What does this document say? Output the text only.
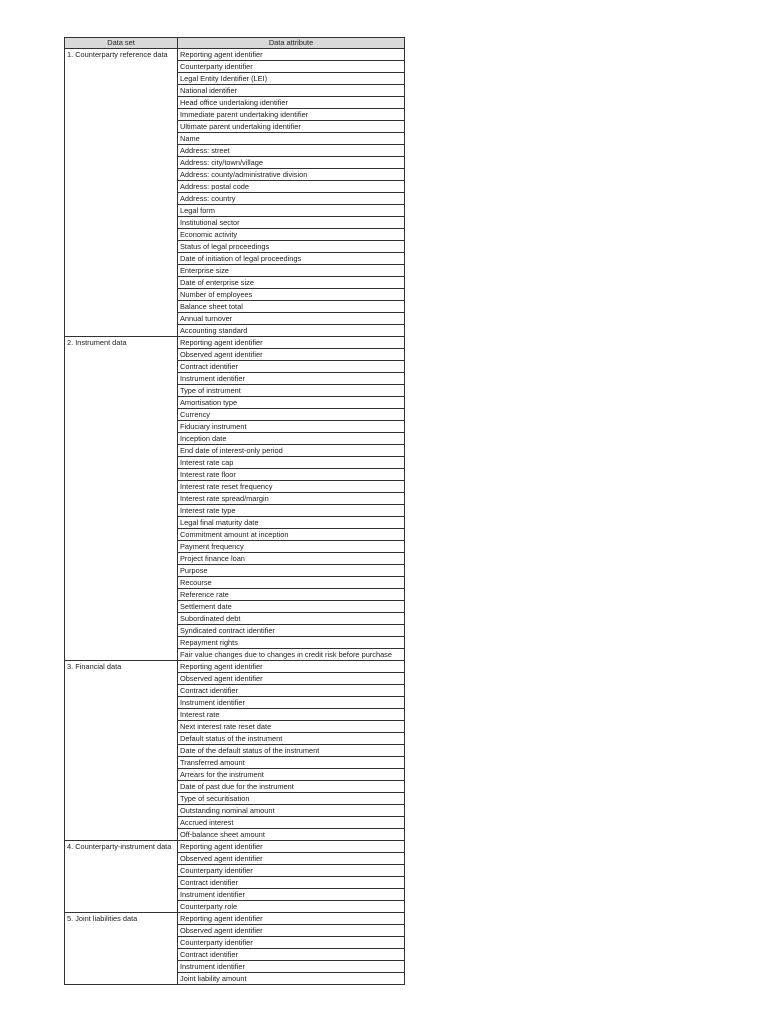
Data set	Data attribute
1. Counterparty reference data	Reporting agent identifier
	Counterparty identifier
	Legal Entity Identifier (LEI)
	National identifier
	Head office undertaking identifier
	Immediate parent undertaking identifier
	Ultimate parent undertaking identifier
	Name
	Address: street
	Address: city/town/village
	Address: county/administrative division
	Address: postal code
	Address: country
	Legal form
	Institutional sector
	Economic activity
	Status of legal proceedings
	Date of initiation of legal proceedings
	Enterprise size
	Date of enterprise size
	Number of employees
	Balance sheet total
	Annual turnover
	Accounting standard
2. Instrument data	Reporting agent identifier
	Observed agent identifier
	Contract identifier
	Instrument identifier
	Type of instrument
	Amortisation type
	Currency
	Fiduciary instrument
	Inception date
	End date of interest-only period
	Interest rate cap
	Interest rate floor
	Interest rate reset frequency
	Interest rate spread/margin
	Interest rate type
	Legal final maturity date
	Commitment amount at inception
	Payment frequency
	Project finance loan
	Purpose
	Recourse
	Reference rate
	Settlement date
	Subordinated debt
	Syndicated contract identifier
	Repayment rights
	Fair value changes due to changes in credit risk before purchase
3. Financial data	Reporting agent identifier
	Observed agent identifier
	Contract identifier
	Instrument identifier
	Interest rate
	Next interest rate reset date
	Default status of the instrument
	Date of the default status of the instrument
	Transferred amount
	Arrears for the instrument
	Date of past due for the instrument
	Type of securitisation
	Outstanding nominal amount
	Accrued interest
	Off-balance sheet amount
4. Counterparty-instrument data	Reporting agent identifier
	Observed agent identifier
	Counterparty identifier
	Contract identifier
	Instrument identifier
	Counterparty role
5. Joint liabilities data	Reporting agent identifier
	Observed agent identifier
	Counterparty identifier
	Contract identifier
	Instrument identifier
	Joint liability amount
